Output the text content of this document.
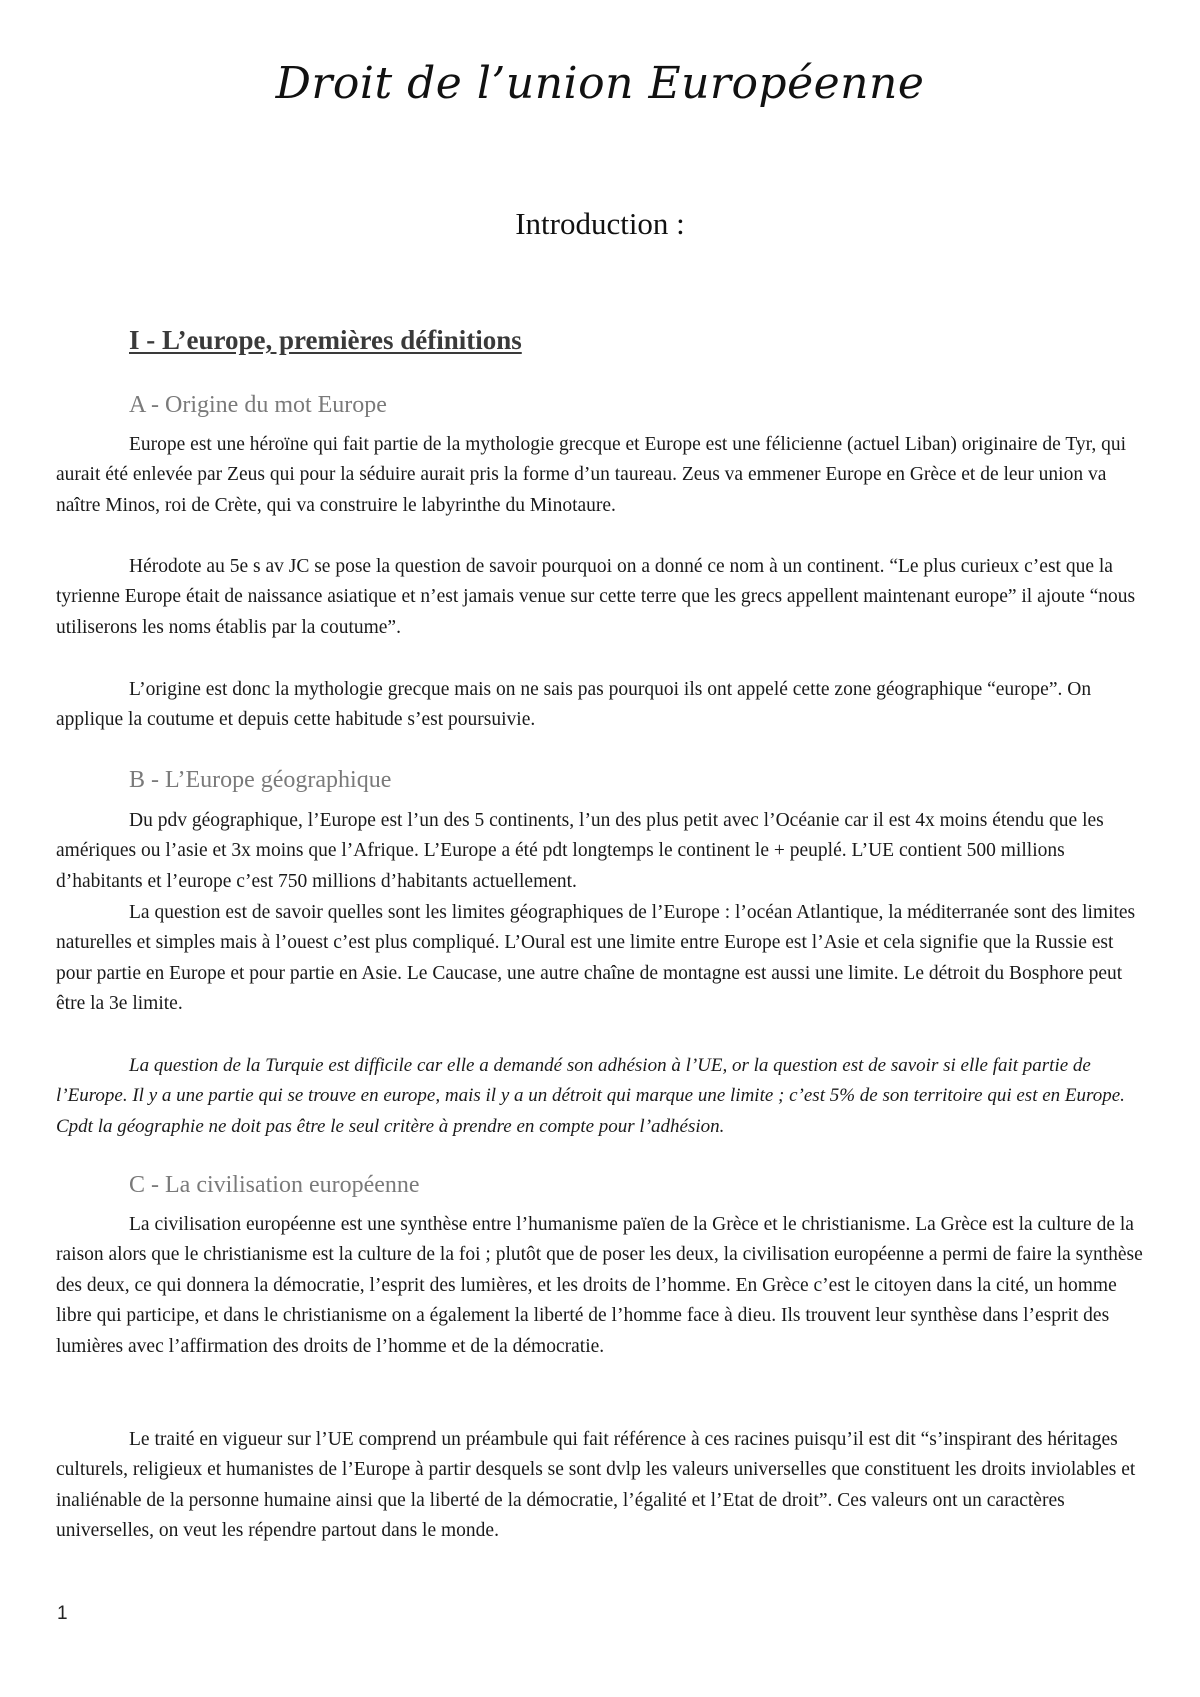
Droit de l’union Européenne
Introduction :
I - L’europe, premières définitions
A - Origine du mot Europe

Europe est une héroïne qui fait partie de la mythologie grecque et Europe est une félicienne (actuel Liban) originaire de Tyr, qui aurait été enlevée par Zeus qui pour la séduire aurait pris la forme d’un taureau. Zeus va emmener Europe en Grèce et de leur union va naître Minos, roi de Crète, qui va construire le labyrinthe du Minotaure.

Hérodote au 5e s av JC se pose la question de savoir pourquoi on a donné ce nom à un continent. “Le plus curieux c’est que la tyrienne Europe était de naissance asiatique et n’est jamais venue sur cette terre que les grecs appellent maintenant europe” il ajoute “nous utiliserons les noms établis par la coutume”.

L’origine est donc la mythologie grecque mais on ne sais pas pourquoi ils ont appelé cette zone géographique “europe”. On applique la coutume et depuis cette habitude s’est poursuivie.

B - L’Europe géographique

Du pdv géographique, l’Europe est l’un des 5 continents, l’un des plus petit avec l’Océanie car il est 4x moins étendu que les amériques ou l’asie et 3x moins que l’Afrique. L’Europe a été pdt longtemps le continent le + peuplé. L’UE contient 500 millions d’habitants et l’europe c’est 750 millions d’habitants actuellement.

La question est de savoir quelles sont les limites géographiques de l’Europe : l’océan Atlantique, la méditerranée sont des limites naturelles et simples mais à l’ouest c’est plus compliqué. L’Oural est une limite entre Europe est l’Asie et cela signifie que la Russie est pour partie en Europe et pour partie en Asie. Le Caucase, une autre chaîne de montagne est aussi une limite. Le détroit du Bosphore peut être la 3e limite.

La question de la Turquie est difficile car elle a demandé son adhésion à l’UE, or la question est de savoir si elle fait partie de l’Europe. Il y a une partie qui se trouve en europe, mais il y a un détroit qui marque une limite ; c’est 5% de son territoire qui est en Europe. Cpdt la géographie ne doit pas être le seul critère à prendre en compte pour l’adhésion.

C - La civilisation européenne

La civilisation européenne est une synthèse entre l’humanisme païen de la Grèce et le christianisme. La Grèce est la culture de la raison alors que le christianisme est la culture de la foi ; plutôt que de poser les deux, la civilisation européenne a permi de faire la synthèse des deux, ce qui donnera la démocratie, l’esprit des lumières, et les droits de l’homme. En Grèce c’est le citoyen dans la cité, un homme libre qui participe, et dans le christianisme on a également la liberté de l’homme face à dieu. Ils trouvent leur synthèse dans l’esprit des lumières avec l’affirmation des droits de l’homme et de la démocratie.

Le traité en vigueur sur l’UE comprend un préambule qui fait référence à ces racines puisqu’il est dit “s’inspirant des héritages culturels, religieux et humanistes de l’Europe à partir desquels se sont dvlp les valeurs universelles que constituent les droits inviolables et inaliénable de la personne humaine ainsi que la liberté de la démocratie, l’égalité et l’Etat de droit”. Ces valeurs ont un caractères universelles, on veut les répendre partout dans le monde.

1
